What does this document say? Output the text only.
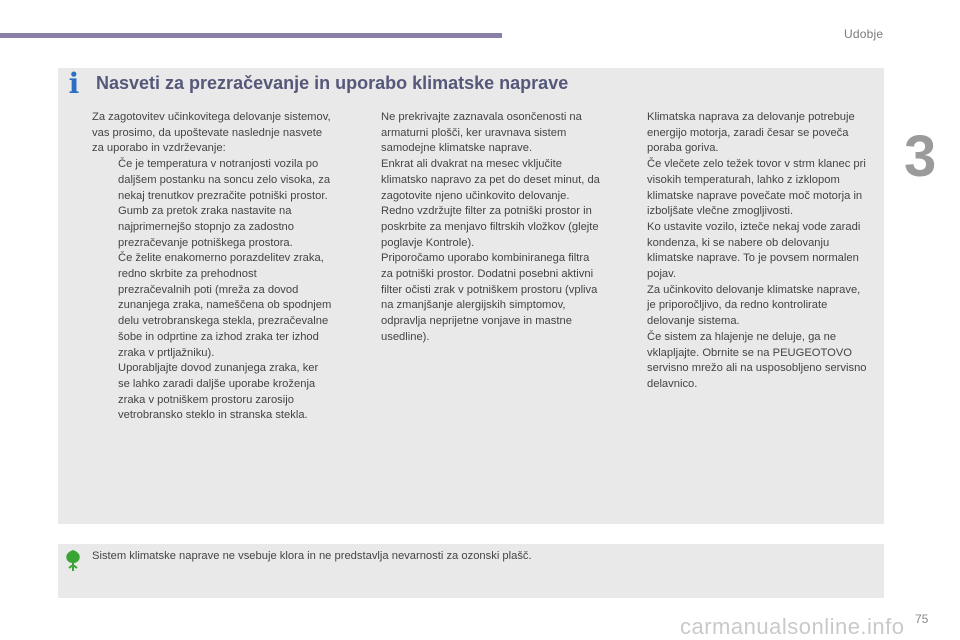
Udobje
3
i Nasveti za prezračevanje in uporabo klimatske naprave

Za zagotovitev učinkovitega delovanje sistemov, vas prosimo, da upoštevate naslednje nasvete za uporabo in vzdrževanje:

Če je temperatura v notranjosti vozila po daljšem postanku na soncu zelo visoka, za nekaj trenutkov prezračite potniški prostor.

Gumb za pretok zraka nastavite na najprimernejšo stopnjo za zadostno prezračevanje potniškega prostora.

Če želite enakomerno porazdelitev zraka, redno skrbite za prehodnost prezračevalnih poti (mreža za dovod zunanjega zraka, nameščena ob spodnjem delu vetrobranskega stekla, prezračevalne šobe in odprtine za izhod zraka ter izhod zraka v prtljažniku).

Uporabljajte dovod zunanjega zraka, ker se lahko zaradi daljše uporabe kroženja zraka v potniškem prostoru zarosijo vetrobransko steklo in stranska stekla.

Ne prekrivajte zaznavala osončenosti na armaturni plošči, ker uravnava sistem samodejne klimatske naprave.

Enkrat ali dvakrat na mesec vključite klimatsko napravo za pet do deset minut, da zagotovite njeno učinkovito delovanje.

Redno vzdržujte filter za potniški prostor in poskrbite za menjavo filtrskih vložkov (glejte poglavje Kontrole).

Priporočamo uporabo kombiniranega filtra za potniški prostor. Dodatni posebni aktivni filter očisti zrak v potniškem prostoru (vpliva na zmanjšanje alergijskih simptomov, odpravlja neprijetne vonjave in mastne usedline).

Klimatska naprava za delovanje potrebuje energijo motorja, zaradi česar se poveča poraba goriva.

Če vlečete zelo težek tovor v strm klanec pri visokih temperaturah, lahko z izklopom klimatske naprave povečate moč motorja in izboljšate vlečne zmogljivosti.

Ko ustavite vozilo, izteče nekaj vode zaradi kondenza, ki se nabere ob delovanju klimatske naprave. To je povsem normalen pojav.

Za učinkovito delovanje klimatske naprave, je priporočljivo, da redno kontrolirate delovanje sistema.

Če sistem za hlajenje ne deluje, ga ne vklapljajte. Obrnite se na PEUGEOTOVO servisno mrežo ali na usposobljeno servisno delavnico.

Sistem klimatske naprave ne vsebuje klora in ne predstavlja nevarnosti za ozonski plašč.
carmanualsonline.info 75
